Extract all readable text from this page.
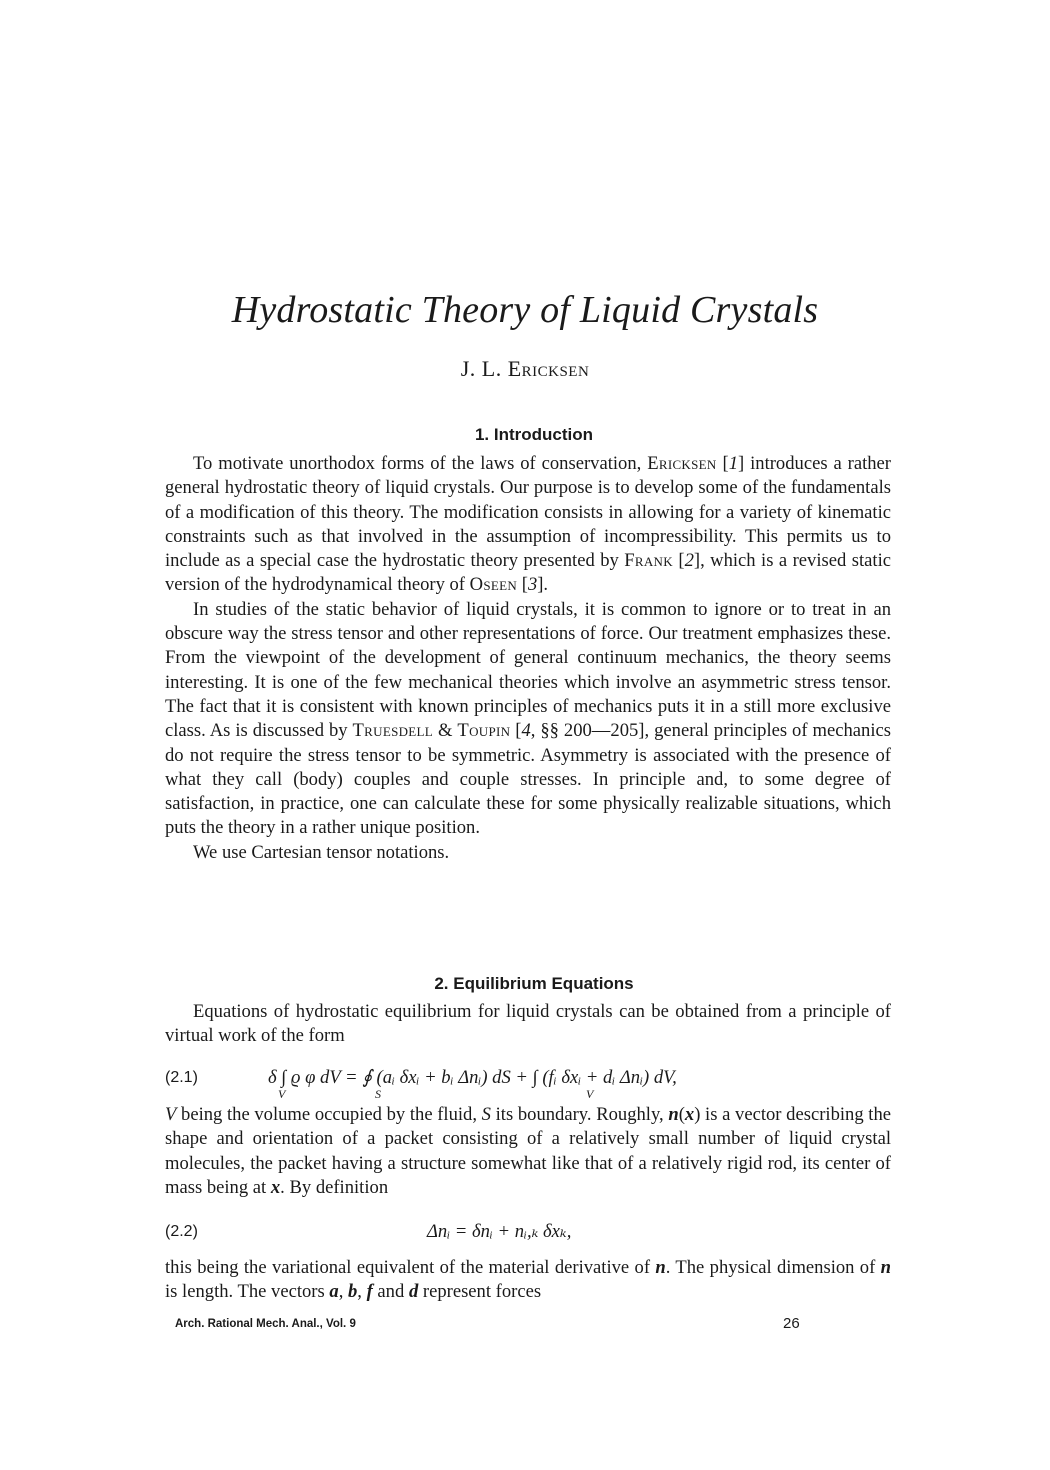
Hydrostatic Theory of Liquid Crystals
J. L. Ericksen
1. Introduction

To motivate unorthodox forms of the laws of conservation, Ericksen [1] introduces a rather general hydrostatic theory of liquid crystals. Our purpose is to develop some of the fundamentals of a modification of this theory. The modification consists in allowing for a variety of kinematic constraints such as that involved in the assumption of incompressibility. This permits us to include as a special case the hydrostatic theory presented by Frank [2], which is a revised static version of the hydrodynamical theory of Oseen [3].

In studies of the static behavior of liquid crystals, it is common to ignore or to treat in an obscure way the stress tensor and other representations of force. Our treatment emphasizes these. From the viewpoint of the development of general continuum mechanics, the theory seems interesting. It is one of the few mechanical theories which involve an asymmetric stress tensor. The fact that it is consistent with known principles of mechanics puts it in a still more exclusive class. As is discussed by Truesdell & Toupin [4, §§ 200—205], general principles of mechanics do not require the stress tensor to be symmetric. Asymmetry is associated with the presence of what they call (body) couples and couple stresses. In principle and, to some degree of satisfaction, in practice, one can calculate these for some physically realizable situations, which puts the theory in a rather unique position.

We use Cartesian tensor notations.

2. Equilibrium Equations

Equations of hydrostatic equilibrium for liquid crystals can be obtained from a principle of virtual work of the form

(2.1)	δ ∫ ϱ φ dV = ∮ (aᵢ δxᵢ + bᵢ Δnᵢ) dS + ∫ (fᵢ δxᵢ + dᵢ Δnᵢ) dV,
V	S	V

V being the volume occupied by the fluid, S its boundary. Roughly, n(x) is a vector describing the shape and orientation of a packet consisting of a relatively small number of liquid crystal molecules, the packet having a structure somewhat like that of a relatively rigid rod, its center of mass being at x. By definition

(2.2)	Δnᵢ = δnᵢ + nᵢ,ₖ δxₖ,

this being the variational equivalent of the material derivative of n. The physical dimension of n is length. The vectors a, b, f and d represent forces

Arch. Rational Mech. Anal., Vol. 9	26
